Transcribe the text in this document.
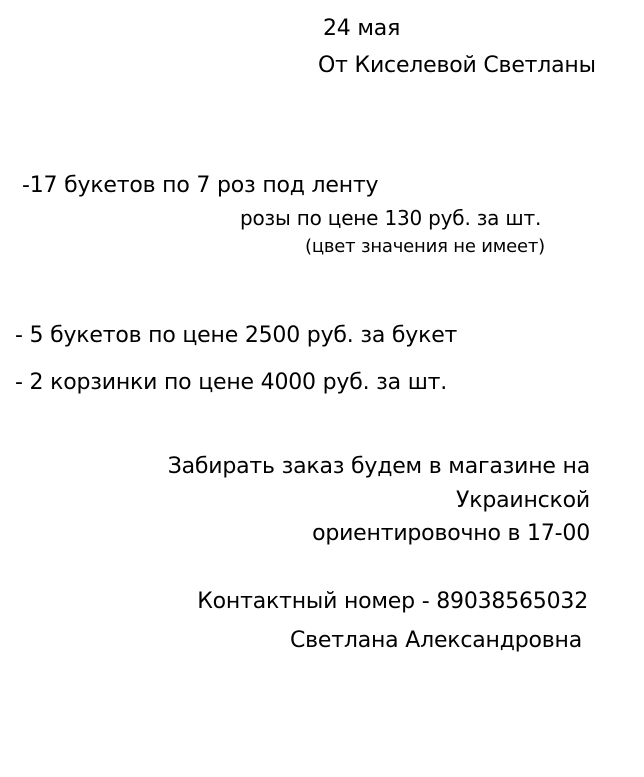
24 мая
От Киселевой Светланы
-17 букетов по 7 роз под ленту
розы по цене 130 руб. за шт.
(цвет значения не имеет)
- 5 букетов по цене 2500 руб. за букет
- 2 корзинки по цене 4000 руб. за шт.
Забирать заказ будем в магазине на
Украинской
ориентировочно в 17-00
Контактный номер - 89038565032
Светлана Александровна
